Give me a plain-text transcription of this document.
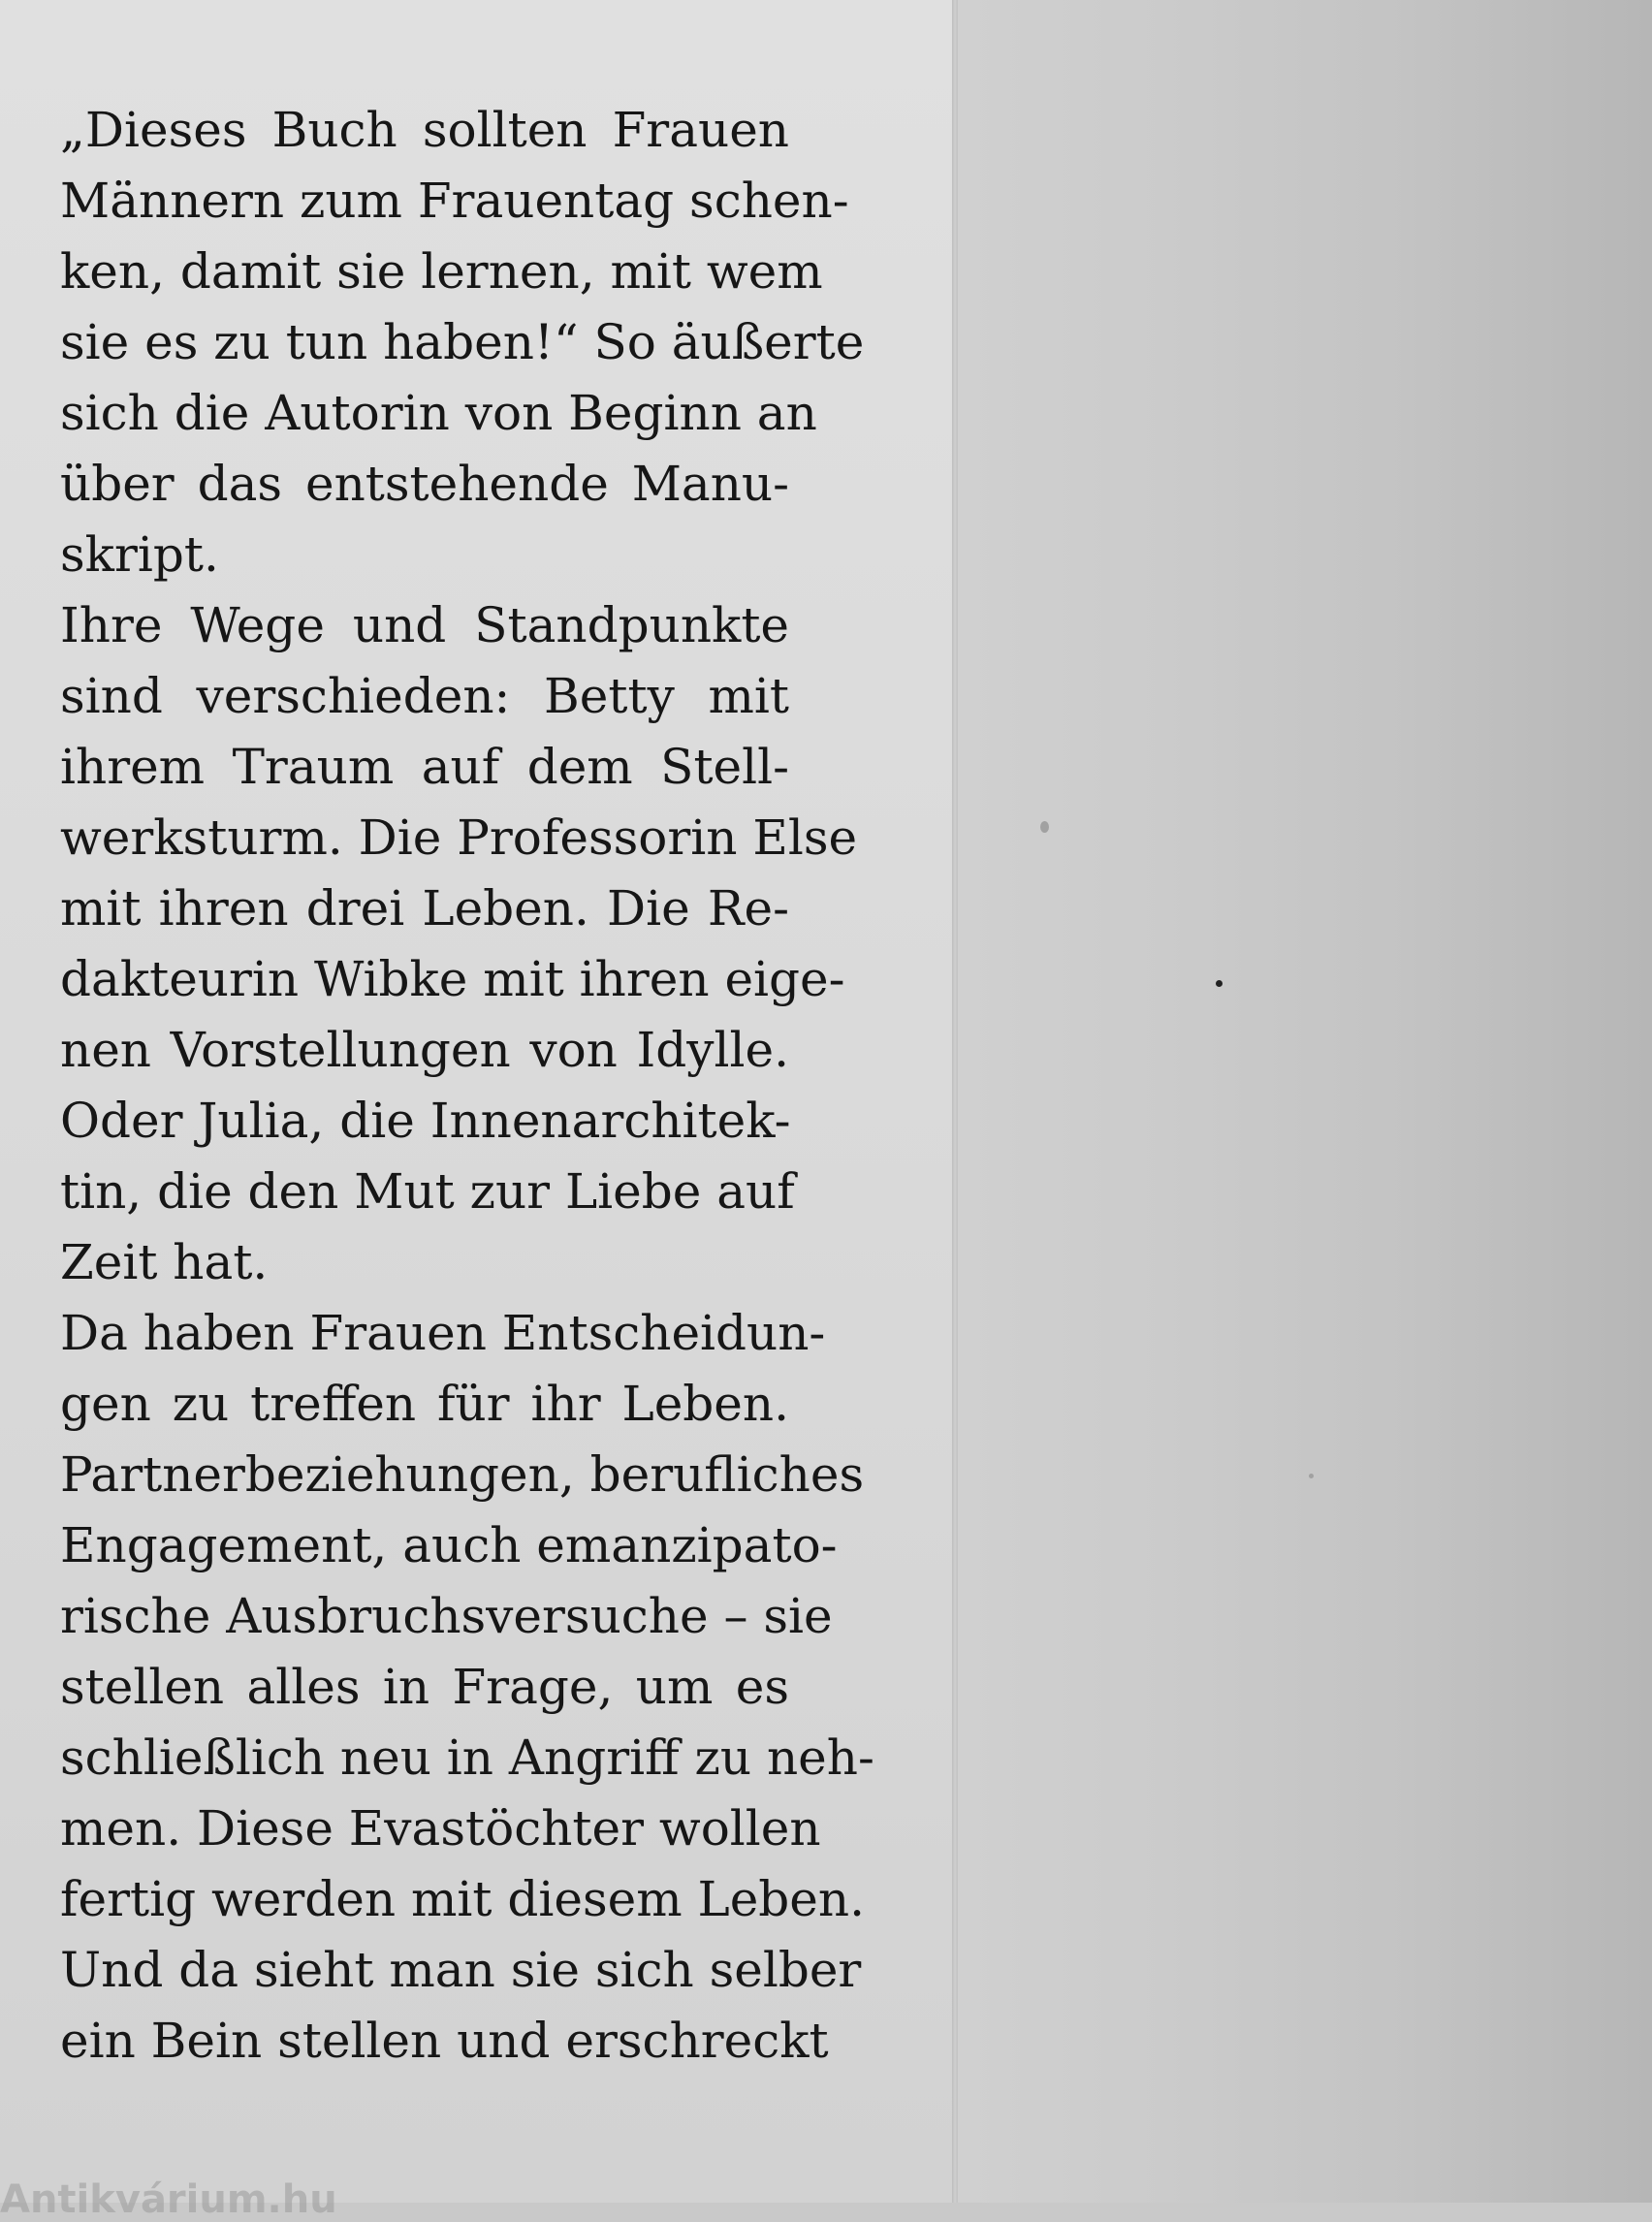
„Dieses Buch sollten Frauen
Männern zum Frauentag schen-
ken, damit sie lernen, mit wem
sie es zu tun haben!“ So äußerte
sich die Autorin von Beginn an
über das entstehende Manu-
skript.
Ihre Wege und Standpunkte
sind verschieden: Betty mit
ihrem Traum auf dem Stell-
werksturm. Die Professorin Else
mit ihren drei Leben. Die Re-
dakteurin Wibke mit ihren eige-
nen Vorstellungen von Idylle.
Oder Julia, die Innenarchitek-
tin, die den Mut zur Liebe auf
Zeit hat.
Da haben Frauen Entscheidun-
gen zu treffen für ihr Leben.
Partnerbeziehungen, berufliches
Engagement, auch emanzipato-
rische Ausbruchsversuche – sie
stellen alles in Frage, um es
schließlich neu in Angriff zu neh-
men. Diese Evastöchter wollen
fertig werden mit diesem Leben.
Und da sieht man sie sich selber
ein Bein stellen und erschreckt
Antikvárium.hu
